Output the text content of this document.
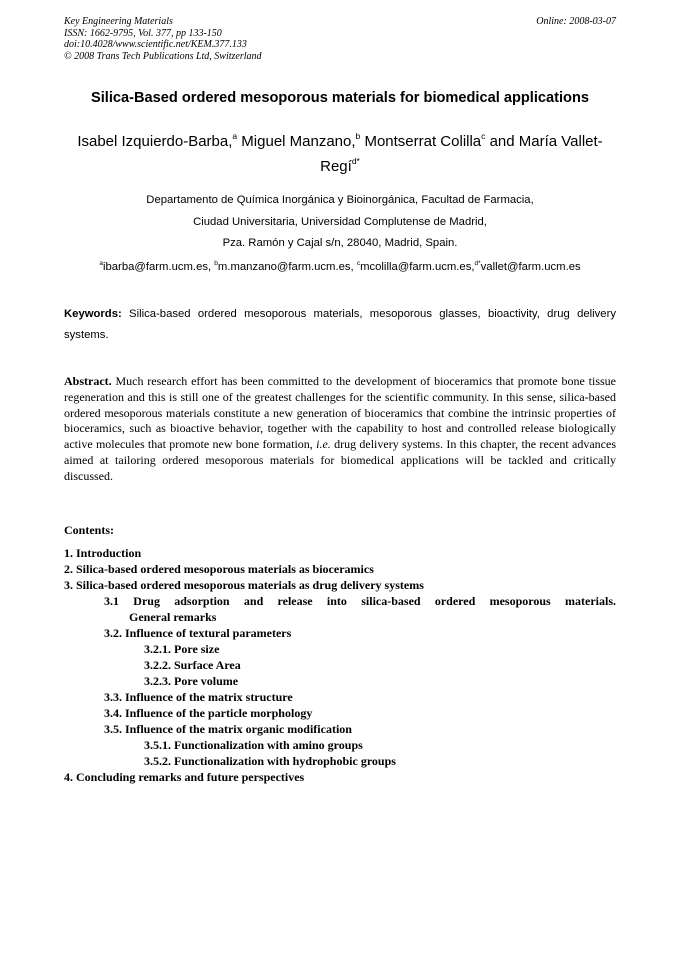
Key Engineering Materials
ISSN: 1662-9795, Vol. 377, pp 133-150
doi:10.4028/www.scientific.net/KEM.377.133
© 2008 Trans Tech Publications Ltd, Switzerland
Online: 2008-03-07
Silica-Based ordered mesoporous materials for biomedical applications
Isabel Izquierdo-Barba,$^a$ Miguel Manzano,$^b$ Montserrat Colilla$^c$ and María Vallet-Regí$^{d*}$
Departamento de Química Inorgánica y Bioinorgánica, Facultad de Farmacia,
Ciudad Universitaria, Universidad Complutense de Madrid,
Pza. Ramón y Cajal s/n, 28040, Madrid, Spain.
$^a$ibarba@farm.ucm.es, $^b$m.manzano@farm.ucm.es, $^c$mcolilla@farm.ucm.es,$^{d*}$vallet@farm.ucm.es
Keywords: Silica-based ordered mesoporous materials, mesoporous glasses, bioactivity, drug delivery systems.
Abstract. Much research effort has been committed to the development of bioceramics that promote bone tissue regeneration and this is still one of the greatest challenges for the scientific community. In this sense, silica-based ordered mesoporous materials constitute a new generation of bioceramics that combine the intrinsic properties of bioceramics, such as bioactive behavior, together with the capability to host and controlled release biologically active molecules that promote new bone formation, i.e. drug delivery systems. In this chapter, the recent advances aimed at tailoring ordered mesoporous materials for biomedical applications will be tackled and critically discussed.
Contents:
1. Introduction
2. Silica-based ordered mesoporous materials as bioceramics
3. Silica-based ordered mesoporous materials as drug delivery systems
3.1 Drug adsorption and release into silica-based ordered mesoporous materials.
General remarks
3.2. Influence of textural parameters
3.2.1. Pore size
3.2.2. Surface Area
3.2.3. Pore volume
3.3. Influence of the matrix structure
3.4. Influence of the particle morphology
3.5. Influence of the matrix organic modification
3.5.1. Functionalization with amino groups
3.5.2. Functionalization with hydrophobic groups
4. Concluding remarks and future perspectives
